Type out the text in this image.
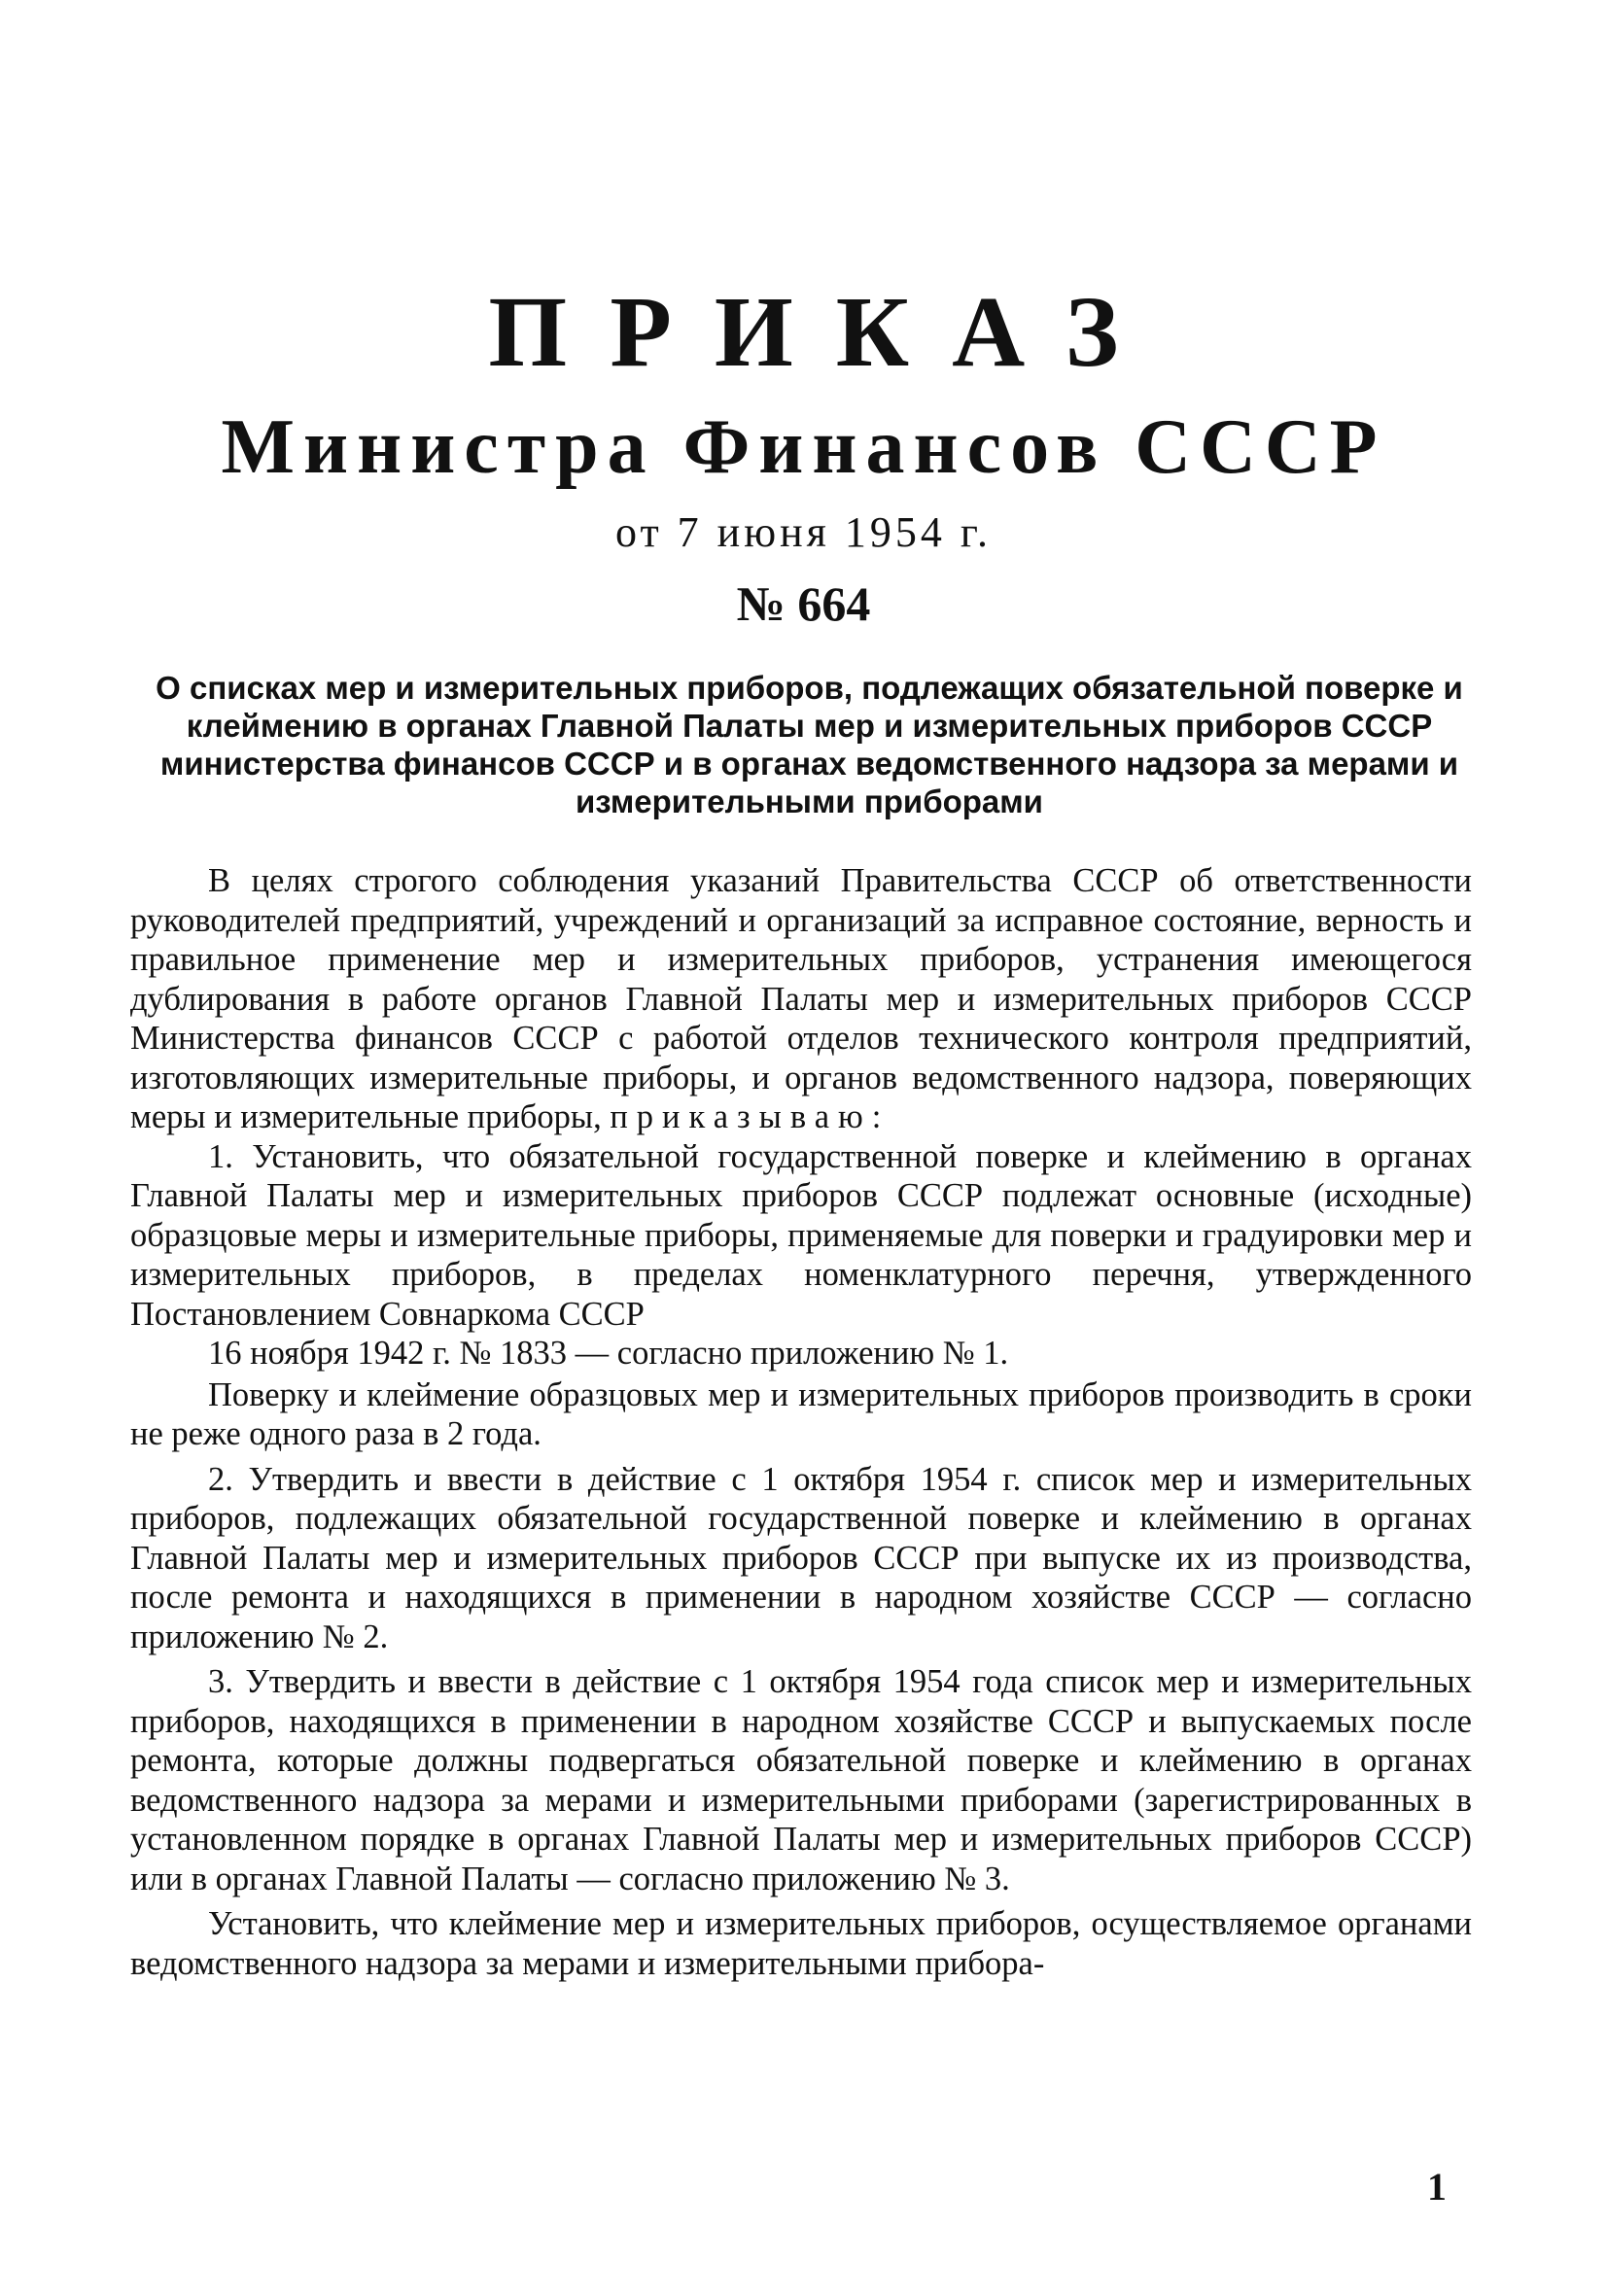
ПРИКАЗ
Министра Финансов СССР
от 7 июня 1954 г.
№ 664
О списках мер и измерительных приборов, подлежащих обязательной поверке и клеймению в органах Главной Палаты мер и измерительных приборов СССР министерства финансов СССР и в органах ведомственного надзора за мерами и измерительными приборами

В целях строгого соблюдения указаний Правительства СССР об ответственности руководителей предприятий, учреждений и организаций за исправное состояние, верность и правильное применение мер и измерительных приборов, устранения имеющегося дублирования в работе органов Главной Палаты мер и измерительных приборов СССР Министерства финансов СССР с работой отделов технического контроля предприятий, изготовляющих измерительные приборы, и органов ведомственного надзора, поверяющих меры и измерительные приборы, приказываю:

1. Установить, что обязательной государственной поверке и клеймению в органах Главной Палаты мер и измерительных приборов СССР подлежат основные (исходные) образцовые меры и измерительные приборы, применяемые для поверки и градуировки мер и измерительных приборов, в пределах номенклатурного перечня, утвержденного Постановлением Совнаркома СССР

16 ноября 1942 г. № 1833 — согласно приложению № 1.

Поверку и клеймение образцовых мер и измерительных приборов производить в сроки не реже одного раза в 2 года.

2. Утвердить и ввести в действие с 1 октября 1954 г. список мер и измерительных приборов, подлежащих обязательной государственной поверке и клеймению в органах Главной Палаты мер и измерительных приборов СССР при выпуске их из производства, после ремонта и находящихся в применении в народном хозяйстве СССР — согласно приложению № 2.

3. Утвердить и ввести в действие с 1 октября 1954 года список мер и измерительных приборов, находящихся в применении в народном хозяйстве СССР и выпускаемых после ремонта, которые должны подвергаться обязательной поверке и клеймению в органах ведомственного надзора за мерами и измерительными приборами (зарегистрированных в установленном порядке в органах Главной Палаты мер и измерительных приборов СССР) или в органах Главной Палаты — согласно приложению № 3.

Установить, что клеймение мер и измерительных приборов, осуществляемое органами ведомственного надзора за мерами и измерительными прибора-

1
